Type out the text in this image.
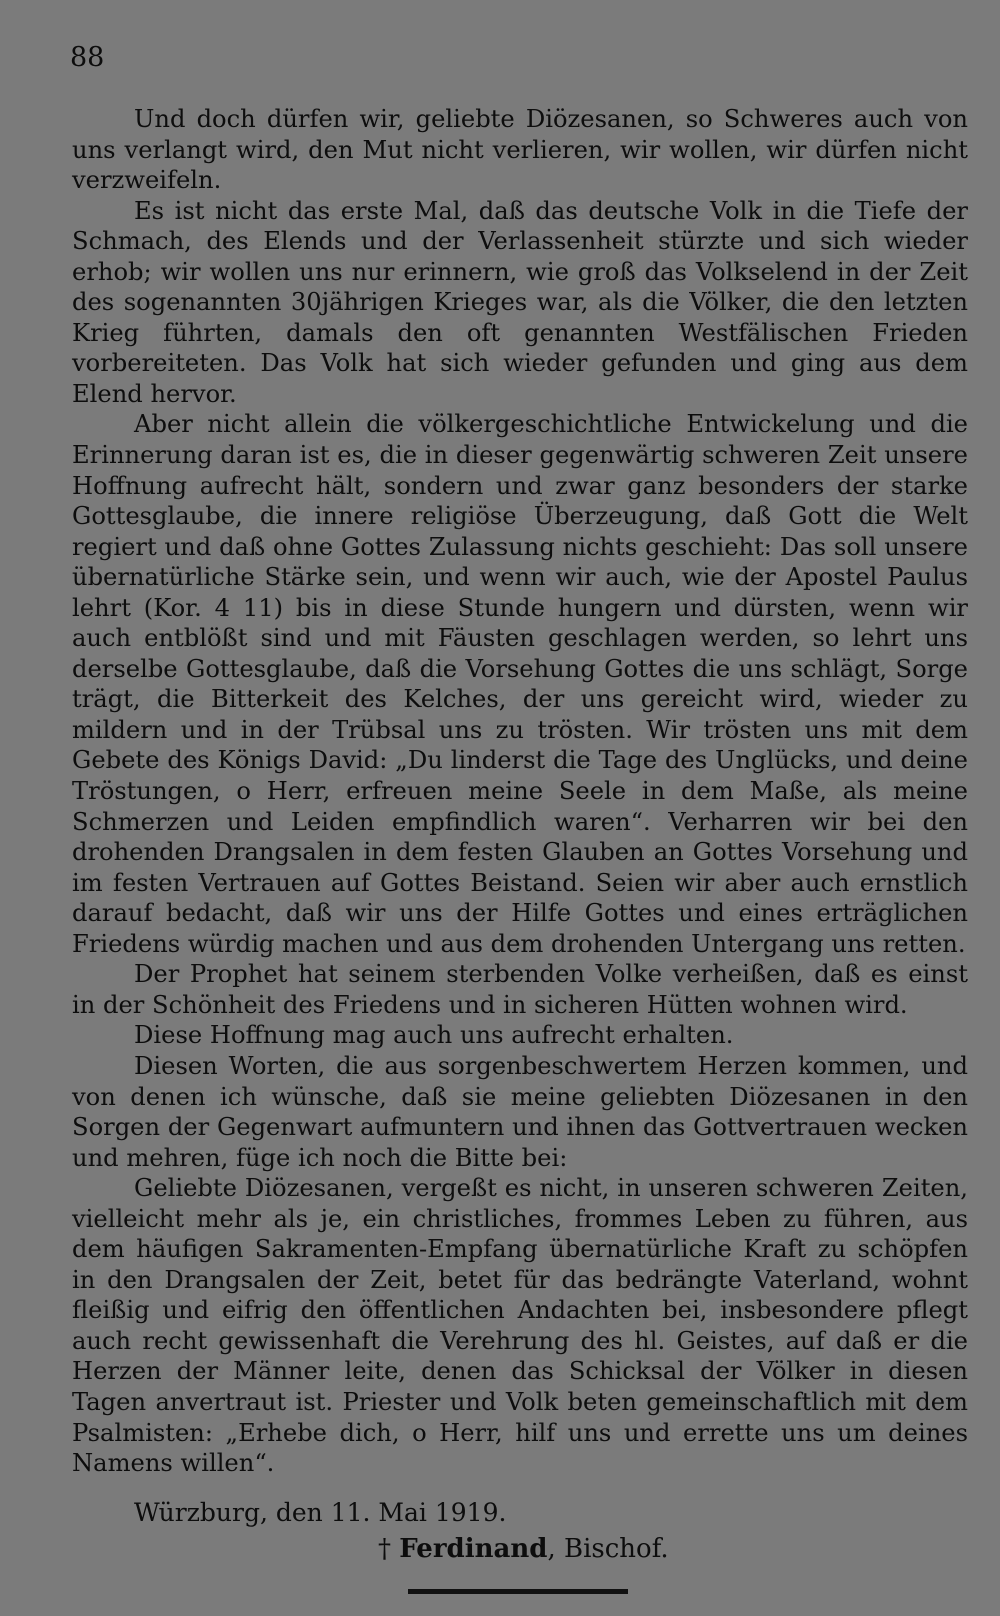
88

Und doch dürfen wir, geliebte Diözesanen, so Schweres auch von uns verlangt wird, den Mut nicht verlieren, wir wollen, wir dürfen nicht verzweifeln.

Es ist nicht das erste Mal, daß das deutsche Volk in die Tiefe der Schmach, des Elends und der Verlassenheit stürzte und sich wieder erhob; wir wollen uns nur erinnern, wie groß das Volkselend in der Zeit des sogenannten 30jährigen Krieges war, als die Völker, die den letzten Krieg führten, damals den oft genannten Westfälischen Frieden vorbereiteten. Das Volk hat sich wieder gefunden und ging aus dem Elend hervor.

Aber nicht allein die völkergeschichtliche Entwickelung und die Erinnerung daran ist es, die in dieser gegenwärtig schweren Zeit unsere Hoffnung aufrecht hält, sondern und zwar ganz besonders der starke Gottesglaube, die innere religiöse Überzeugung, daß Gott die Welt regiert und daß ohne Gottes Zulassung nichts geschieht: Das soll unsere übernatürliche Stärke sein, und wenn wir auch, wie der Apostel Paulus lehrt (Kor. 4 11) bis in diese Stunde hungern und dürsten, wenn wir auch entblößt sind und mit Fäusten geschlagen werden, so lehrt uns derselbe Gottesglaube, daß die Vorsehung Gottes die uns schlägt, Sorge trägt, die Bitterkeit des Kelches, der uns gereicht wird, wieder zu mildern und in der Trübsal uns zu trösten. Wir trösten uns mit dem Gebete des Königs David: „Du linderst die Tage des Unglücks, und deine Tröstungen, o Herr, erfreuen meine Seele in dem Maße, als meine Schmerzen und Leiden empfindlich waren“. Verharren wir bei den drohenden Drangsalen in dem festen Glauben an Gottes Vorsehung und im festen Vertrauen auf Gottes Beistand. Seien wir aber auch ernstlich darauf bedacht, daß wir uns der Hilfe Gottes und eines erträglichen Friedens würdig machen und aus dem drohenden Untergang uns retten.

Der Prophet hat seinem sterbenden Volke verheißen, daß es einst in der Schönheit des Friedens und in sicheren Hütten wohnen wird.

Diese Hoffnung mag auch uns aufrecht erhalten.

Diesen Worten, die aus sorgenbeschwertem Herzen kommen, und von denen ich wünsche, daß sie meine geliebten Diözesanen in den Sorgen der Gegenwart aufmuntern und ihnen das Gottvertrauen wecken und mehren, füge ich noch die Bitte bei:

Geliebte Diözesanen, vergeßt es nicht, in unseren schweren Zeiten, vielleicht mehr als je, ein christliches, frommes Leben zu führen, aus dem häufigen Sakramenten-Empfang übernatürliche Kraft zu schöpfen in den Drangsalen der Zeit, betet für das bedrängte Vaterland, wohnt fleißig und eifrig den öffentlichen Andachten bei, insbesondere pflegt auch recht gewissenhaft die Verehrung des hl. Geistes, auf daß er die Herzen der Männer leite, denen das Schicksal der Völker in diesen Tagen anvertraut ist. Priester und Volk beten gemeinschaftlich mit dem Psalmisten: „Erhebe dich, o Herr, hilf uns und errette uns um deines Namens willen“.

Würzburg, den 11. Mai 1919.
† Ferdinand, Bischof.
